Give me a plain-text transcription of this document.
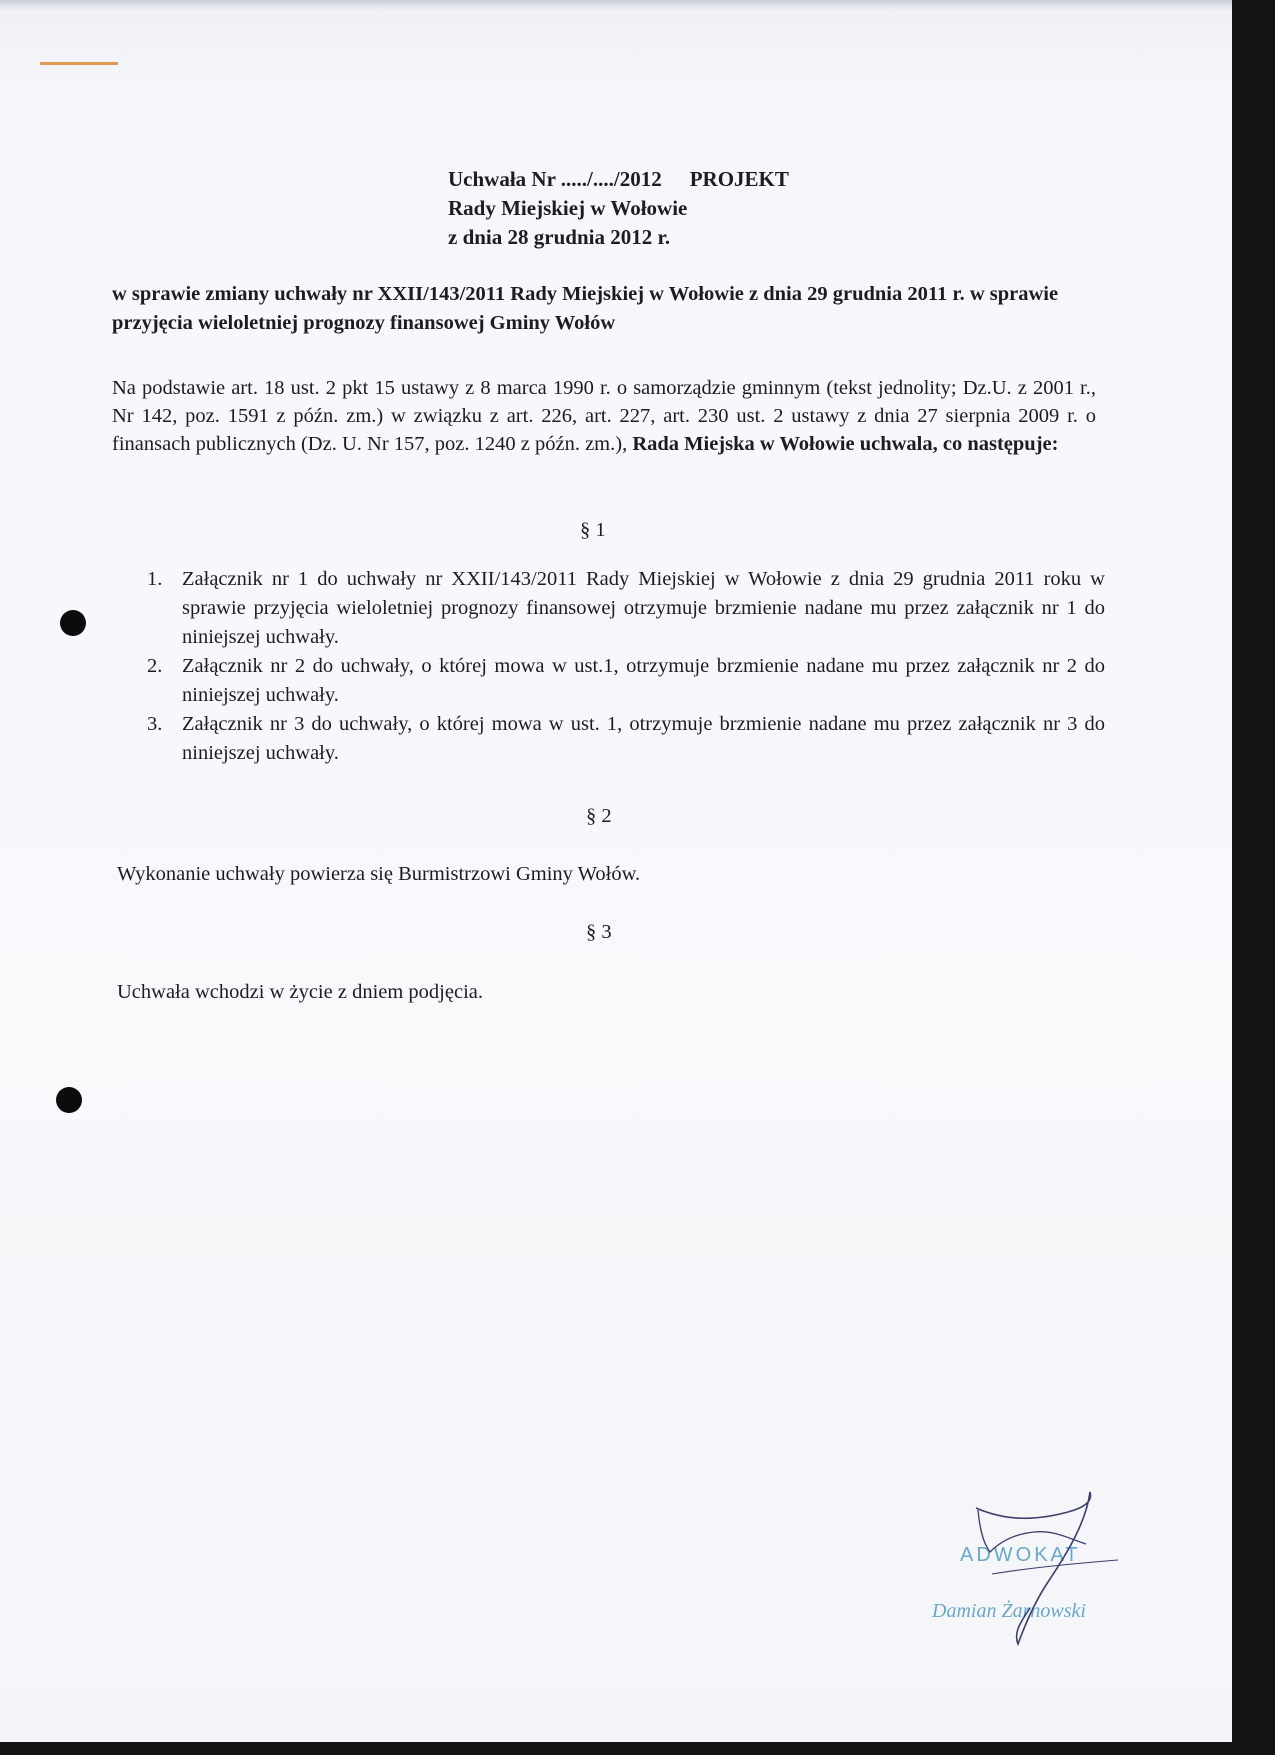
Uchwała Nr ...../..../2012 PROJEKT
Rady Miejskiej w Wołowie
z dnia 28 grudnia 2012 r.
w sprawie zmiany uchwały nr XXII/143/2011 Rady Miejskiej w Wołowie z dnia 29 grudnia 2011 r. w sprawie przyjęcia wieloletniej prognozy finansowej Gminy Wołów
Na podstawie art. 18 ust. 2 pkt 15 ustawy z 8 marca 1990 r. o samorządzie gminnym (tekst jednolity; Dz.U. z 2001 r., Nr 142, poz. 1591 z późn. zm.) w związku z art. 226, art. 227, art. 230 ust. 2 ustawy z dnia 27 sierpnia 2009 r. o finansach publicznych (Dz. U. Nr 157, poz. 1240 z późn. zm.), Rada Miejska w Wołowie uchwala, co następuje:
§ 1
1. Załącznik nr 1 do uchwały nr XXII/143/2011 Rady Miejskiej w Wołowie z dnia 29 grudnia 2011 roku w sprawie przyjęcia wieloletniej prognozy finansowej otrzymuje brzmienie nadane mu przez załącznik nr 1 do niniejszej uchwały.
2. Załącznik nr 2 do uchwały, o której mowa w ust.1, otrzymuje brzmienie nadane mu przez załącznik nr 2 do niniejszej uchwały.
3. Załącznik nr 3 do uchwały, o której mowa w ust. 1, otrzymuje brzmienie nadane mu przez załącznik nr 3 do niniejszej uchwały.
§ 2
Wykonanie uchwały powierza się Burmistrzowi Gminy Wołów.
§ 3
Uchwała wchodzi w życie z dniem podjęcia.
ADWOKAT
Damian Żarnowski
